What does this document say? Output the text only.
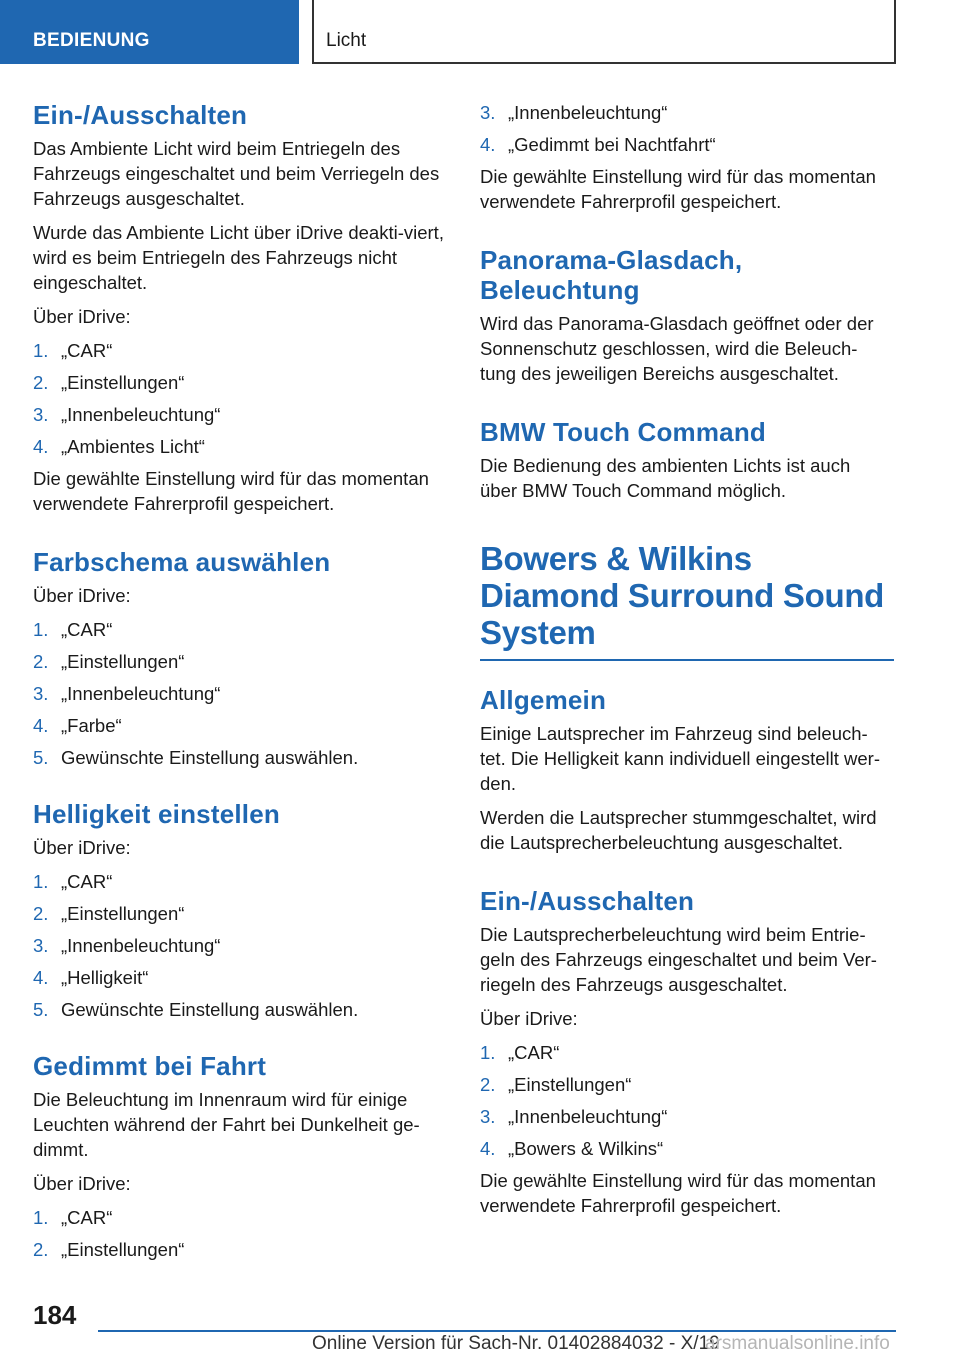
BEDIENUNG	Licht
Ein-/Ausschalten

Das Ambiente Licht wird beim Entriegeln des Fahrzeugs eingeschaltet und beim Verriegeln des Fahrzeugs ausgeschaltet.

Wurde das Ambiente Licht über iDrive deakti-viert, wird es beim Entriegeln des Fahrzeugs nicht eingeschaltet.

Über iDrive:

1. „CAR“
2. „Einstellungen“
3. „Innenbeleuchtung“
4. „Ambientes Licht“

Die gewählte Einstellung wird für das momentan verwendete Fahrerprofil gespeichert.

Farbschema auswählen

Über iDrive:

1. „CAR“
2. „Einstellungen“
3. „Innenbeleuchtung“
4. „Farbe“
5. Gewünschte Einstellung auswählen.
Helligkeit einstellen

Über iDrive:

1. „CAR“
2. „Einstellungen“
3. „Innenbeleuchtung“
4. „Helligkeit“
5. Gewünschte Einstellung auswählen.
Gedimmt bei Fahrt

Die Beleuchtung im Innenraum wird für einige Leuchten während der Fahrt bei Dunkelheit ge-dimmt.

Über iDrive:

1. „CAR“
2. „Einstellungen“
3. „Innenbeleuchtung“
4. „Gedimmt bei Nachtfahrt“

Die gewählte Einstellung wird für das momentan verwendete Fahrerprofil gespeichert.

Panorama-Glasdach, Beleuchtung

Wird das Panorama-Glasdach geöffnet oder der Sonnenschutz geschlossen, wird die Beleuch-tung des jeweiligen Bereichs ausgeschaltet.

BMW Touch Command

Die Bedienung des ambienten Lichts ist auch über BMW Touch Command möglich.

Bowers & Wilkins Diamond Surround Sound System
Allgemein

Einige Lautsprecher im Fahrzeug sind beleuch-tet. Die Helligkeit kann individuell eingestellt wer-den.

Werden die Lautsprecher stummgeschaltet, wird die Lautsprecherbeleuchtung ausgeschaltet.

Ein-/Ausschalten

Die Lautsprecherbeleuchtung wird beim Entrie-geln des Fahrzeugs eingeschaltet und beim Ver-riegeln des Fahrzeugs ausgeschaltet.

Über iDrive:

1. „CAR“
2. „Einstellungen“
3. „Innenbeleuchtung“
4. „Bowers & Wilkins“

Die gewählte Einstellung wird für das momentan verwendete Fahrerprofil gespeichert.

184
Online Version für Sach-Nr. 01402884032 - X/19
arsmanualsonline.info
